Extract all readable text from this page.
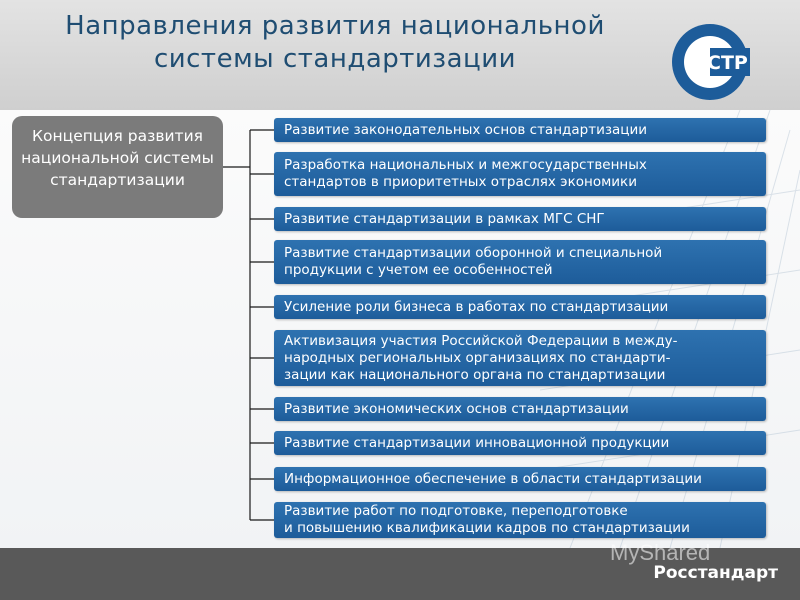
Направления развития национальной
системы стандартизации	СТР
Концепция развития национальной системы стандартизации
Развитие законодательных основ стандартизации
Разработка национальных и межгосударственных
стандартов в приоритетных отраслях экономики
Развитие стандартизации в рамках МГС СНГ
Развитие стандартизации оборонной и специальной
продукции с учетом ее особенностей
Усиление роли бизнеса в работах по стандартизации
Активизация участия Российской Федерации в между-
народных региональных организациях по стандарти-
зации как национального органа по стандартизации
Развитие экономических основ стандартизации
Развитие стандартизации инновационной продукции
Информационное обеспечение в области стандартизации
Развитие работ по подготовке, переподготовке
и повышению квалификации кадров по стандартизации
Росстандарт
MyShared
